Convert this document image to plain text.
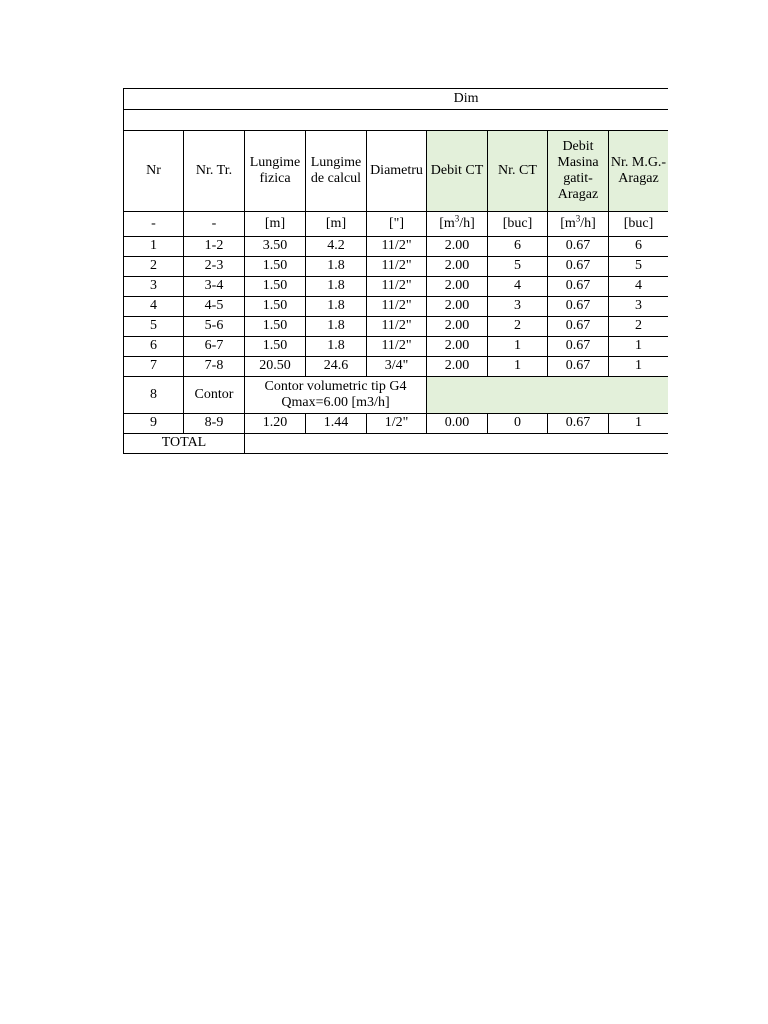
Dim									

Nr	Nr. Tr.	Lungime fizica	Lungime de calcul	Diametru	Debit CT	Nr. CT	Debit Masina gatit-Aragaz	Nr. M.G.-Aragaz	
-	-	[m]	[m]	["]	$[m^3/h]$	[buc]	$[m^3/h]$	[buc]	
1	1-2	3.50	4.2	11/2"	2.00	6	0.67	6	
2	2-3	1.50	1.8	11/2"	2.00	5	0.67	5	
3	3-4	1.50	1.8	11/2"	2.00	4	0.67	4	
4	4-5	1.50	1.8	11/2"	2.00	3	0.67	3	
5	5-6	1.50	1.8	11/2"	2.00	2	0.67	2	
6	6-7	1.50	1.8	11/2"	2.00	1	0.67	1	
7	7-8	20.50	24.6	3/4"	2.00	1	0.67	1	
8	Contor	Contor volumetric tip G4
Qmax=6.00 [m3/h]							

9	8-9	1.20	1.44	1/2"	0.00	0	0.67	1	
TOTAL									
